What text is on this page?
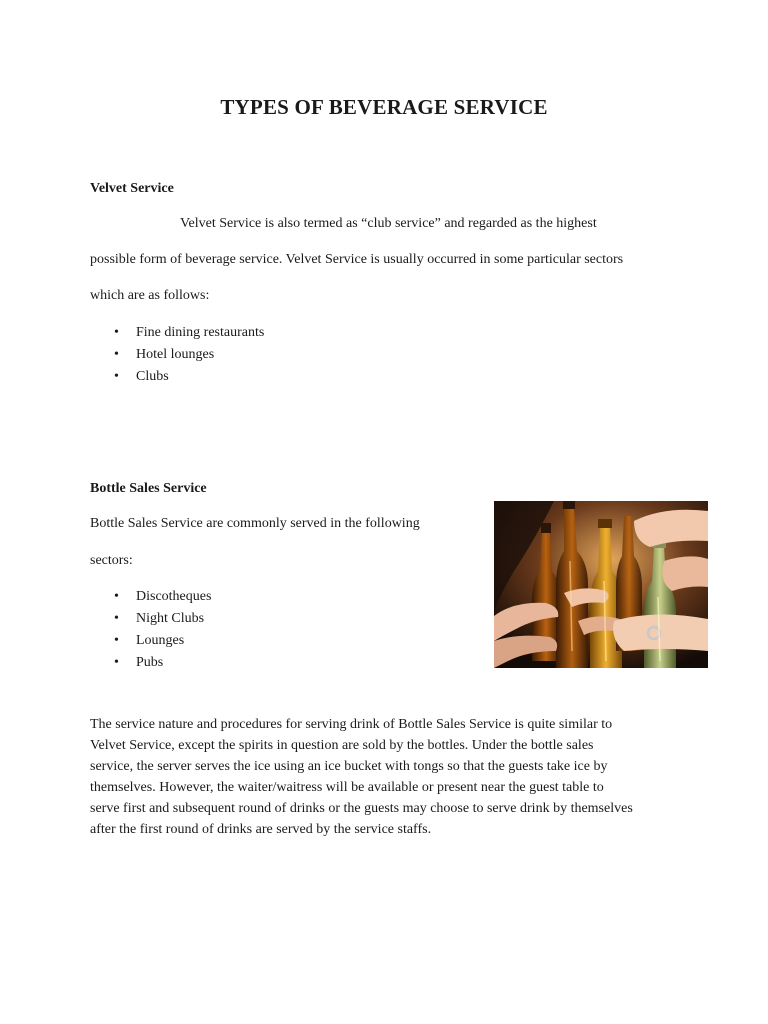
TYPES OF BEVERAGE SERVICE
Velvet Service

Velvet Service is also termed as “club service” and regarded as the highest

possible form of beverage service. Velvet Service is usually occurred in some particular sectors

which are as follows:

• Fine dining restaurants
• Hotel lounges
• Clubs
Bottle Sales Service

Bottle Sales Service are commonly served in the following

sectors:

• Discotheques
• Night Clubs
• Lounges
• Pubs

The service nature and procedures for serving drink of Bottle Sales Service is quite similar to
Velvet Service, except the spirits in question are sold by the bottles. Under the bottle sales
service, the server serves the ice using an ice bucket with tongs so that the guests take ice by
themselves. However, the waiter/waitress will be available or present near the guest table to
serve first and subsequent round of drinks or the guests may choose to serve drink by themselves
after the first round of drinks are served by the service staffs.
